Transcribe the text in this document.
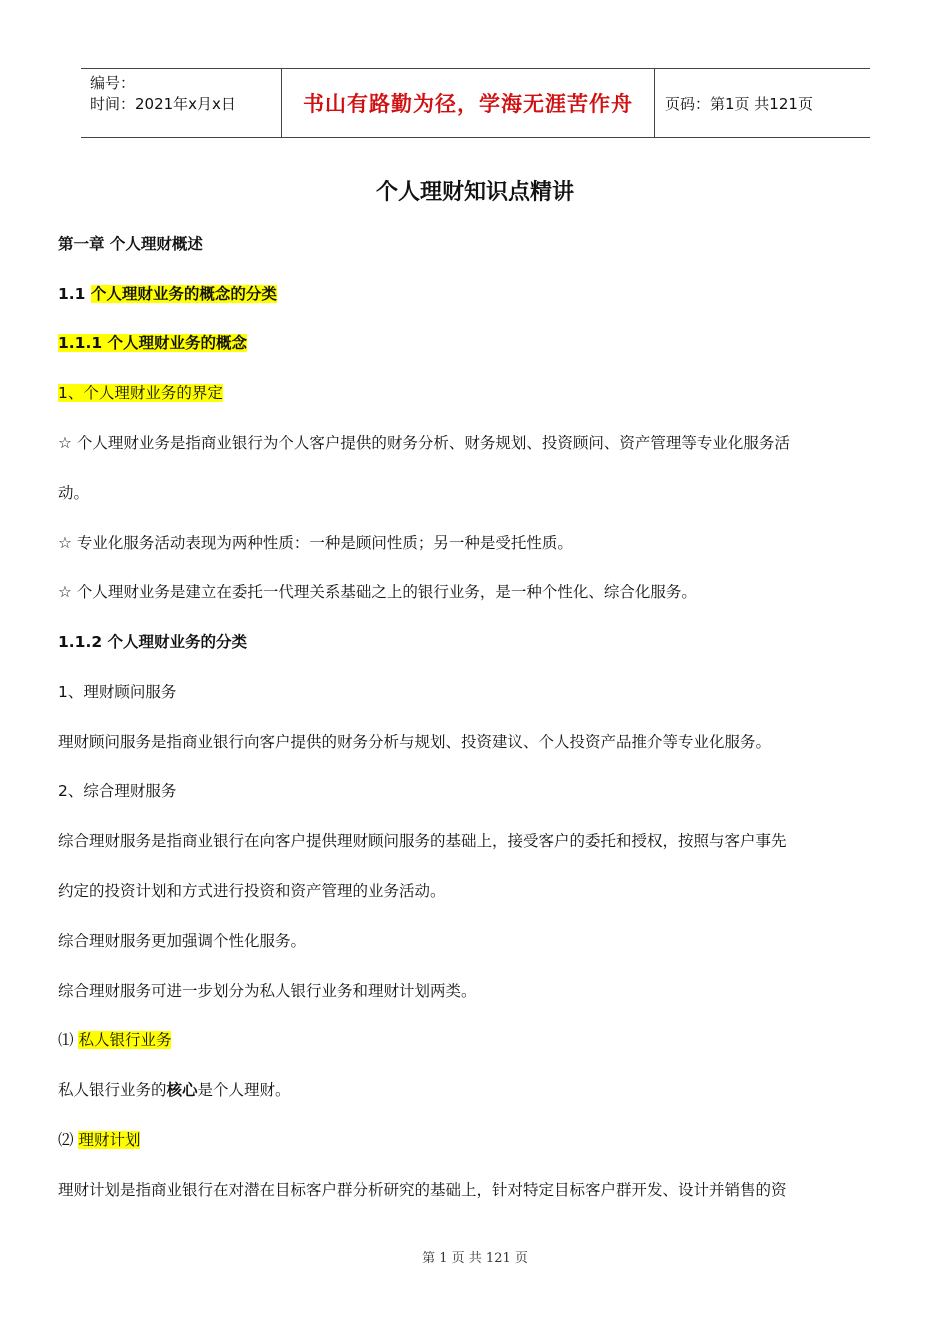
编号：
时间：2021年x月x日	书山有路勤为径，学海无涯苦作舟	页码：第1页 共121页
个人理财知识点精讲
第一章 个人理财概述
1.1 个人理财业务的概念的分类
1.1.1 个人理财业务的概念
1、个人理财业务的界定
☆ 个人理财业务是指商业银行为个人客户提供的财务分析、财务规划、投资顾问、资产管理等专业化服务活
动。
☆ 专业化服务活动表现为两种性质：一种是顾问性质；另一种是受托性质。
☆ 个人理财业务是建立在委托一代理关系基础之上的银行业务，是一种个性化、综合化服务。
1.1.2 个人理财业务的分类
1、理财顾问服务
理财顾问服务是指商业银行向客户提供的财务分析与规划、投资建议、个人投资产品推介等专业化服务。
2、综合理财服务
综合理财服务是指商业银行在向客户提供理财顾问服务的基础上，接受客户的委托和授权，按照与客户事先
约定的投资计划和方式进行投资和资产管理的业务活动。
综合理财服务更加强调个性化服务。
综合理财服务可进一步划分为私人银行业务和理财计划两类。
⑴ 私人银行业务
私人银行业务的核心是个人理财。
⑵ 理财计划
理财计划是指商业银行在对潜在目标客户群分析研究的基础上，针对特定目标客户群开发、设计并销售的资
第 1 页 共 121 页
